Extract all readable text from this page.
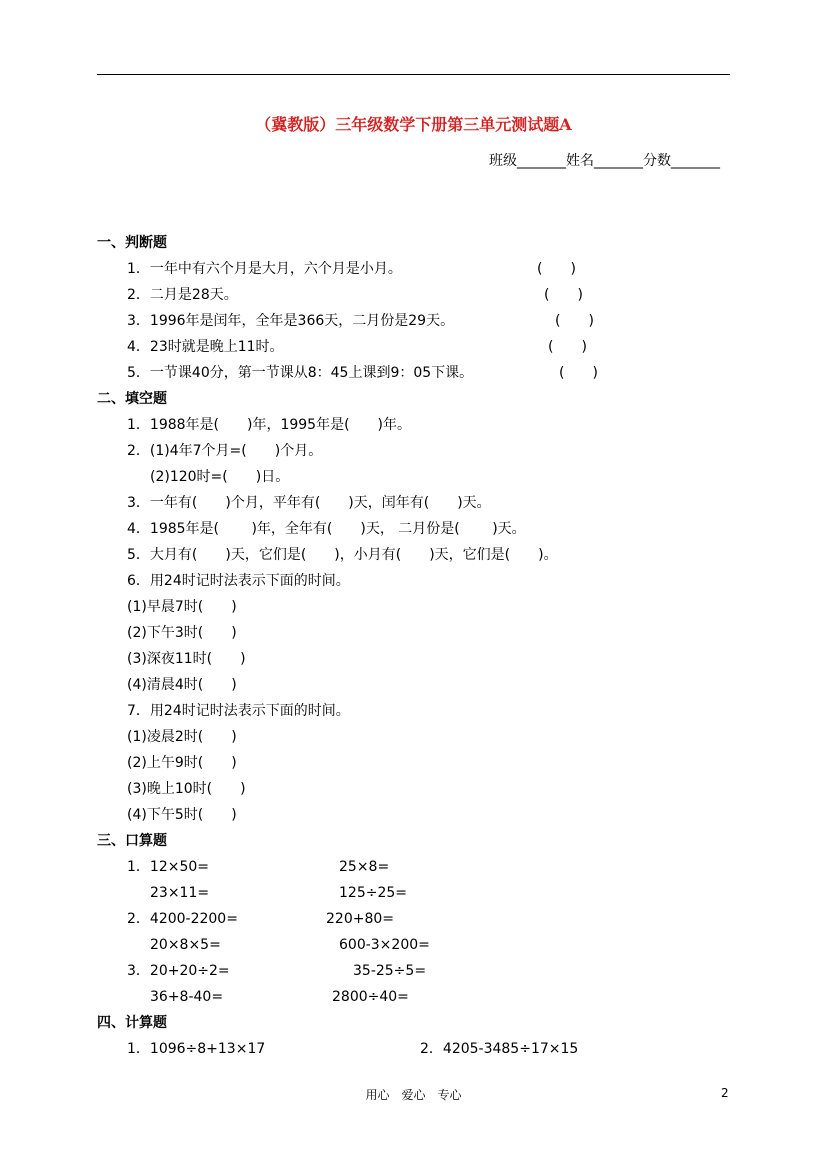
（冀教版）三年级数学下册第三单元测试题A
班级_______姓名_______分数_______
一、判断题
1．一年中有六个月是大月，六个月是小月。	(　　)
2．二月是28天。	(　　)
3．1996年是闰年，全年是366天，二月份是29天。	(　　)
4．23时就是晚上11时。	(　　)
5．一节课40分，第一节课从8：45上课到9：05下课。	(　　)
二、填空题
1．1988年是(　　)年，1995年是(　　)年。
2．(1)4年7个月=(　　)个月。
(2)120时=(　　)日。
3．一年有(　　)个月，平年有(　　)天，闰年有(　　)天。
4．1985年是(　　 )年，全年有(　　)天， 二月份是(　　 )天。
5．大月有(　　)天，它们是(　　)，小月有(　　)天，它们是(　　)。
6．用24时记时法表示下面的时间。
(1)早晨7时(　　)
(2)下午3时(　　)
(3)深夜11时(　　)
(4)清晨4时(　　)
7．用24时记时法表示下面的时间。
(1)凌晨2时(　　)
(2)上午9时(　　)
(3)晚上10时(　　)
(4)下午5时(　　)
三、口算题
1．12×50=	25×8=
23×11=	125÷25=
2．4200-2200=	220+80=
20×8×5=	600-3×200=
3．20+20÷2=	35-25÷5=
36+8-40=	2800÷40=
四、计算题
1．1096÷8+13×17	2．4205-3485÷17×15
用心　爱心　专心	2
